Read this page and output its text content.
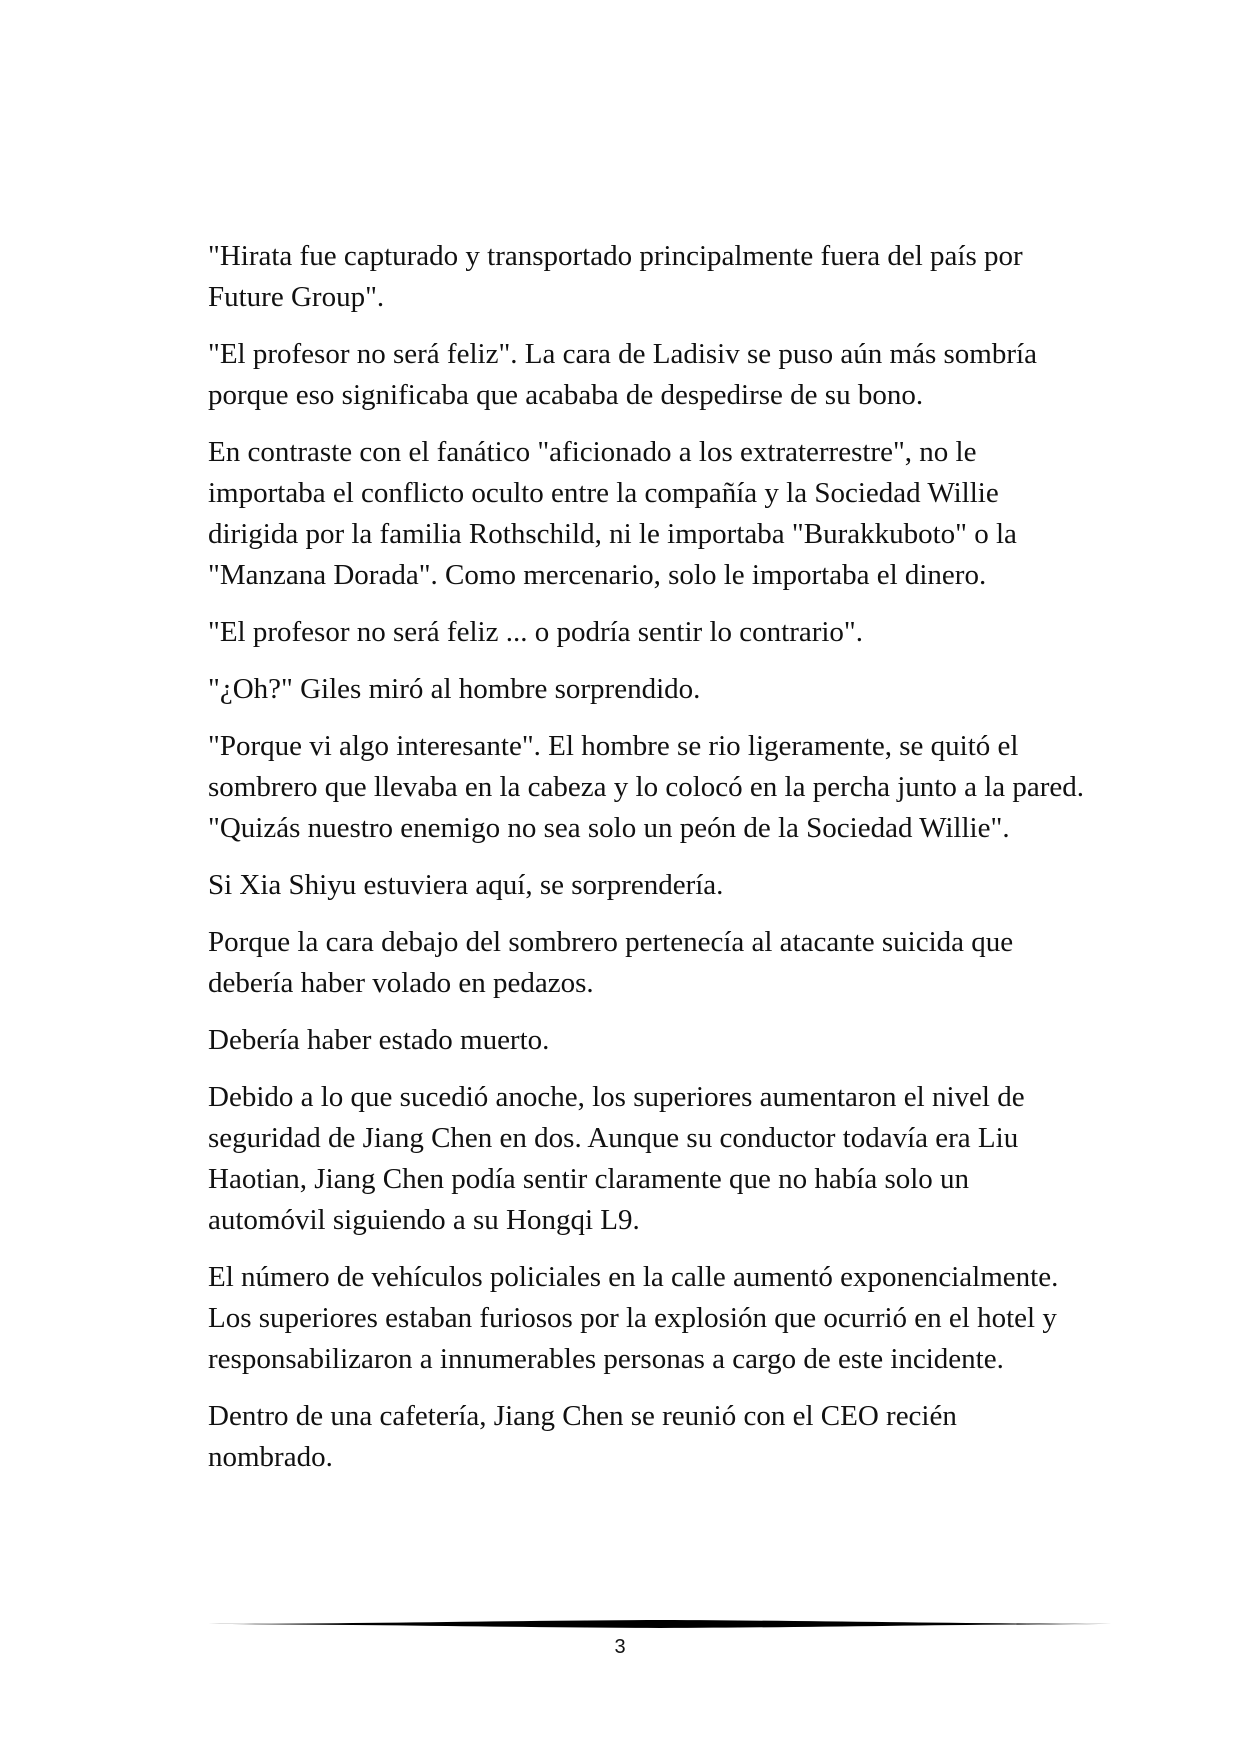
"Hirata fue capturado y transportado principalmente fuera del país por Future Group".

"El profesor no será feliz". La cara de Ladisiv se puso aún más sombría porque eso significaba que acababa de despedirse de su bono.

En contraste con el fanático "aficionado a los extraterrestre", no le importaba el conflicto oculto entre la compañía y la Sociedad Willie dirigida por la familia Rothschild, ni le importaba "Burakkuboto" o la "Manzana Dorada". Como mercenario, solo le importaba el dinero.

"El profesor no será feliz ... o podría sentir lo contrario".

"¿Oh?" Giles miró al hombre sorprendido.

"Porque vi algo interesante". El hombre se rio ligeramente, se quitó el sombrero que llevaba en la cabeza y lo colocó en la percha junto a la pared. "Quizás nuestro enemigo no sea solo un peón de la Sociedad Willie".

Si Xia Shiyu estuviera aquí, se sorprendería.

Porque la cara debajo del sombrero pertenecía al atacante suicida que debería haber volado en pedazos.

Debería haber estado muerto.

Debido a lo que sucedió anoche, los superiores aumentaron el nivel de seguridad de Jiang Chen en dos. Aunque su conductor todavía era Liu Haotian, Jiang Chen podía sentir claramente que no había solo un automóvil siguiendo a su Hongqi L9.

El número de vehículos policiales en la calle aumentó exponencialmente. Los superiores estaban furiosos por la explosión que ocurrió en el hotel y responsabilizaron a innumerables personas a cargo de este incidente.

Dentro de una cafetería, Jiang Chen se reunió con el CEO recién nombrado.

3
